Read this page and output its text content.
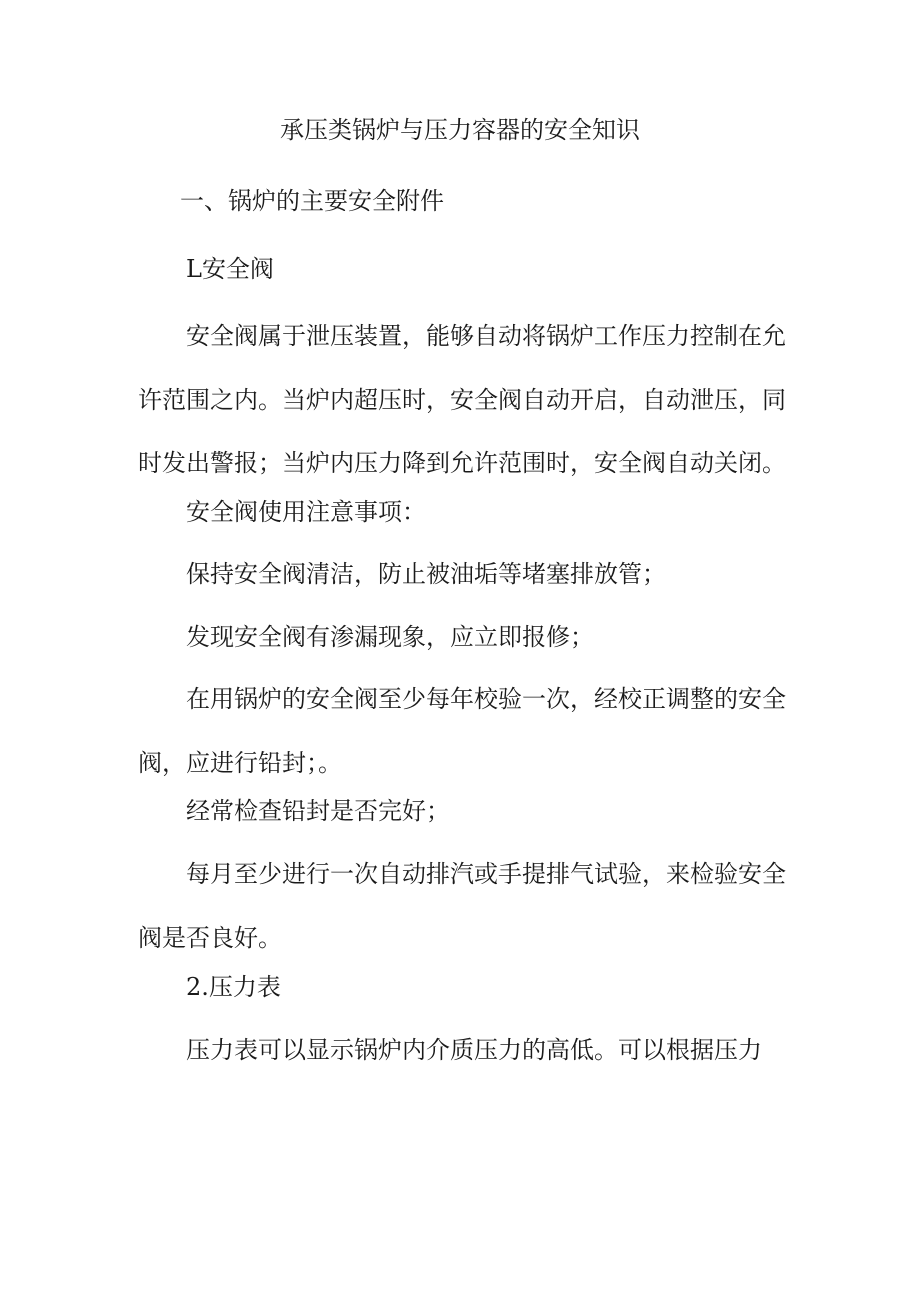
承压类锅炉与压力容器的安全知识

一、锅炉的主要安全附件

L安全阀

安全阀属于泄压装置，能够自动将锅炉工作压力控制在允许范围之内。当炉内超压时，安全阀自动开启，自动泄压，同时发出警报；当炉内压力降到允许范围时，安全阀自动关闭。

安全阀使用注意事项：

保持安全阀清洁，防止被油垢等堵塞排放管；

发现安全阀有渗漏现象，应立即报修；

在用锅炉的安全阀至少每年校验一次，经校正调整的安全阀，应进行铅封；。

经常检查铅封是否完好；

每月至少进行一次自动排汽或手提排气试验，来检验安全阀是否良好。

2.压力表

压力表可以显示锅炉内介质压力的高低。可以根据压力
